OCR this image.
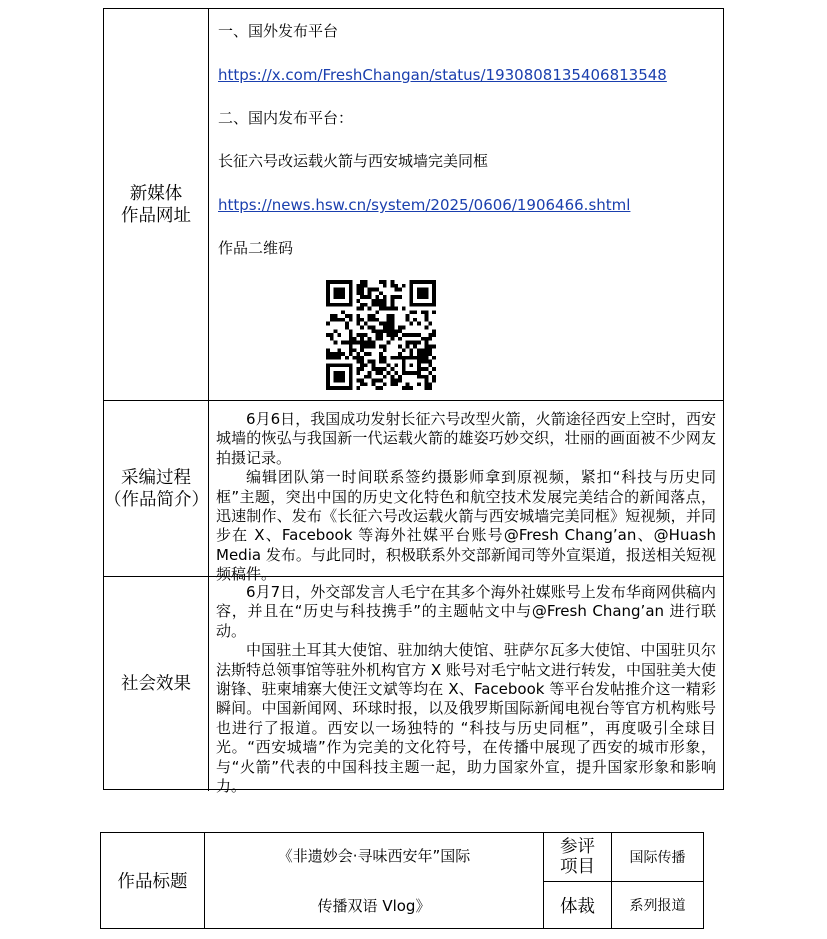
新媒体
作品网址
一、国外发布平台
https://x.com/FreshChangan/status/1930808135406813548
二、国内发布平台：
长征六号改运载火箭与西安城墙完美同框
https://news.hsw.cn/system/2025/0606/1906466.shtml
作品二维码
采编过程
（作品简介）

6月6日，我国成功发射长征六号改型火箭，火箭途径西安上空时，西安城墙的恢弘与我国新一代运载火箭的雄姿巧妙交织，壮丽的画面被不少网友拍摄记录。

编辑团队第一时间联系签约摄影师拿到原视频，紧扣“科技与历史同框”主题，突出中国的历史文化特色和航空技术发展完美结合的新闻落点，迅速制作、发布《长征六号改运载火箭与西安城墙完美同框》短视频，并同步在 X、Facebook 等海外社媒平台账号@Fresh Chang’an、@Huash Media 发布。与此同时，积极联系外交部新闻司等外宣渠道，报送相关短视频稿件。

社会效果

6月7日，外交部发言人毛宁在其多个海外社媒账号上发布华商网供稿内容，并且在“历史与科技携手”的主题帖文中与@Fresh Chang’an 进行联动。

中国驻土耳其大使馆、驻加纳大使馆、驻萨尔瓦多大使馆、中国驻贝尔法斯特总领事馆等驻外机构官方 X 账号对毛宁帖文进行转发，中国驻美大使谢锋、驻柬埔寨大使汪文斌等均在 X、Facebook 等平台发帖推介这一精彩瞬间。中国新闻网、环球时报，以及俄罗斯国际新闻电视台等官方机构账号也进行了报道。西安以一场独特的 “科技与历史同框”，再度吸引全球目光。“西安城墙”作为完美的文化符号，在传播中展现了西安的城市形象，与“火箭”代表的中国科技主题一起，助力国家外宣，提升国家形象和影响力。

作品标题
《非遗妙会·寻味西安年”国际
传播双语 Vlog》
参评
项目	国际传播
体裁	系列报道
